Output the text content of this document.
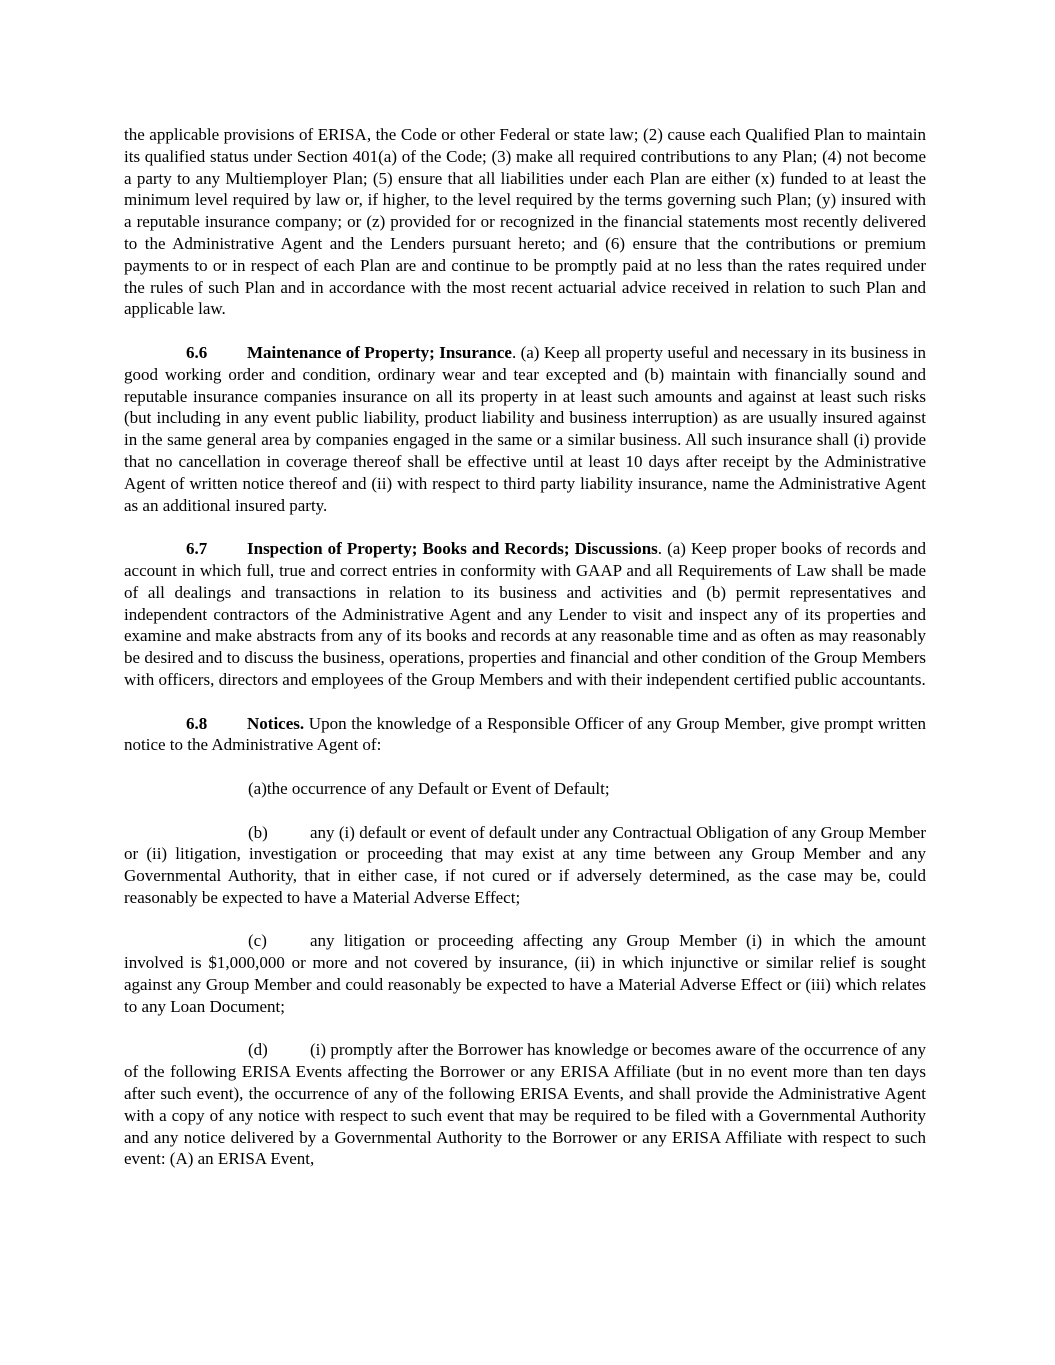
the applicable provisions of ERISA, the Code or other Federal or state law; (2) cause each Qualified Plan to maintain its qualified status under Section 401(a) of the Code; (3) make all required contributions to any Plan; (4) not become a party to any Multiemployer Plan; (5) ensure that all liabilities under each Plan are either (x) funded to at least the minimum level required by law or, if higher, to the level required by the terms governing such Plan; (y) insured with a reputable insurance company; or (z) provided for or recognized in the financial statements most recently delivered to the Administrative Agent and the Lenders pursuant hereto; and (6) ensure that the contributions or premium payments to or in respect of each Plan are and continue to be promptly paid at no less than the rates required under the rules of such Plan and in accordance with the most recent actuarial advice received in relation to such Plan and applicable law.

6.6 Maintenance of Property; Insurance. (a) Keep all property useful and necessary in its business in good working order and condition, ordinary wear and tear excepted and (b) maintain with financially sound and reputable insurance companies insurance on all its property in at least such amounts and against at least such risks (but including in any event public liability, product liability and business interruption) as are usually insured against in the same general area by companies engaged in the same or a similar business. All such insurance shall (i) provide that no cancellation in coverage thereof shall be effective until at least 10 days after receipt by the Administrative Agent of written notice thereof and (ii) with respect to third party liability insurance, name the Administrative Agent as an additional insured party.

6.7 Inspection of Property; Books and Records; Discussions. (a) Keep proper books of records and account in which full, true and correct entries in conformity with GAAP and all Requirements of Law shall be made of all dealings and transactions in relation to its business and activities and (b) permit representatives and independent contractors of the Administrative Agent and any Lender to visit and inspect any of its properties and examine and make abstracts from any of its books and records at any reasonable time and as often as may reasonably be desired and to discuss the business, operations, properties and financial and other condition of the Group Members with officers, directors and employees of the Group Members and with their independent certified public accountants.

6.8 Notices. Upon the knowledge of a Responsible Officer of any Group Member, give prompt written notice to the Administrative Agent of:

(a)the occurrence of any Default or Event of Default;

(b) any (i) default or event of default under any Contractual Obligation of any Group Member or (ii) litigation, investigation or proceeding that may exist at any time between any Group Member and any Governmental Authority, that in either case, if not cured or if adversely determined, as the case may be, could reasonably be expected to have a Material Adverse Effect;

(c)	any litigation or proceeding affecting any Group Member (i) in which the amount involved is $1,000,000 or more and not covered by insurance, (ii) in which injunctive or similar relief is sought against any Group Member and could reasonably be expected to have a Material Adverse Effect or (iii) which relates to any Loan Document;

(d) (i) promptly after the Borrower has knowledge or becomes aware of the occurrence of any of the following ERISA Events affecting the Borrower or any ERISA Affiliate (but in no event more than ten days after such event), the occurrence of any of the following ERISA Events, and shall provide the Administrative Agent with a copy of any notice with respect to such event that may be required to be filed with a Governmental Authority and any notice delivered by a Governmental Authority to the Borrower or any ERISA Affiliate with respect to such event: (A) an ERISA Event,
